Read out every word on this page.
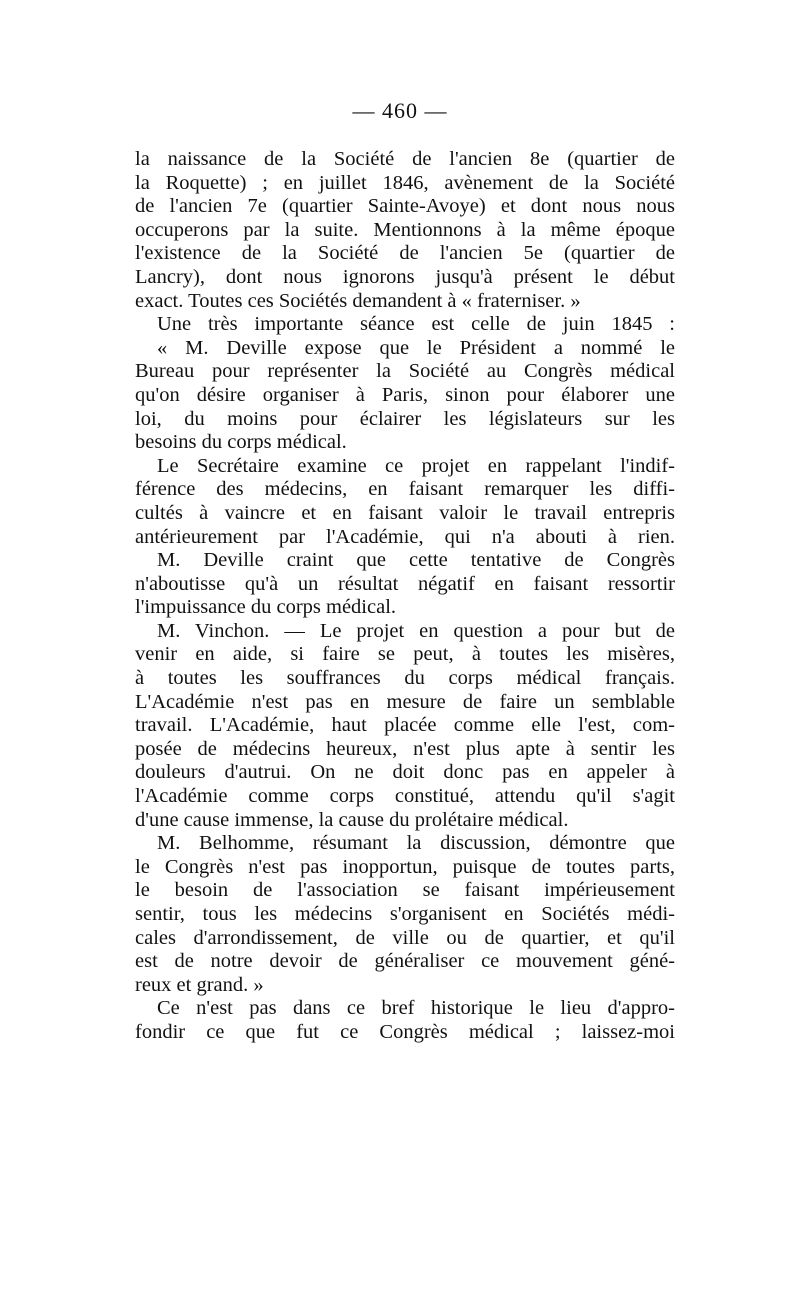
— 460 —
la naissance de la Société de l'ancien 8e (quartier de
la Roquette) ; en juillet 1846, avènement de la Société
de l'ancien 7e (quartier Sainte-Avoye) et dont nous nous
occuperons par la suite. Mentionnons à la même époque
l'existence de la Société de l'ancien 5e (quartier de
Lancry), dont nous ignorons jusqu'à présent le début
exact. Toutes ces Sociétés demandent à « fraterniser. »
Une très importante séance est celle de juin 1845 :
« M. Deville expose que le Président a nommé le
Bureau pour représenter la Société au Congrès médical
qu'on désire organiser à Paris, sinon pour élaborer une
loi, du moins pour éclairer les législateurs sur les
besoins du corps médical.
Le Secrétaire examine ce projet en rappelant l'indif-
férence des médecins, en faisant remarquer les diffi-
cultés à vaincre et en faisant valoir le travail entrepris
antérieurement par l'Académie, qui n'a abouti à rien.
M. Deville craint que cette tentative de Congrès
n'aboutisse qu'à un résultat négatif en faisant ressortir
l'impuissance du corps médical.
M. Vinchon. — Le projet en question a pour but de
venir en aide, si faire se peut, à toutes les misères,
à toutes les souffrances du corps médical français.
L'Académie n'est pas en mesure de faire un semblable
travail. L'Académie, haut placée comme elle l'est, com-
posée de médecins heureux, n'est plus apte à sentir les
douleurs d'autrui. On ne doit donc pas en appeler à
l'Académie comme corps constitué, attendu qu'il s'agit
d'une cause immense, la cause du prolétaire médical.
M. Belhomme, résumant la discussion, démontre que
le Congrès n'est pas inopportun, puisque de toutes parts,
le besoin de l'association se faisant impérieusement
sentir, tous les médecins s'organisent en Sociétés médi-
cales d'arrondissement, de ville ou de quartier, et qu'il
est de notre devoir de généraliser ce mouvement géné-
reux et grand. »
Ce n'est pas dans ce bref historique le lieu d'appro-
fondir ce que fut ce Congrès médical ; laissez-moi
